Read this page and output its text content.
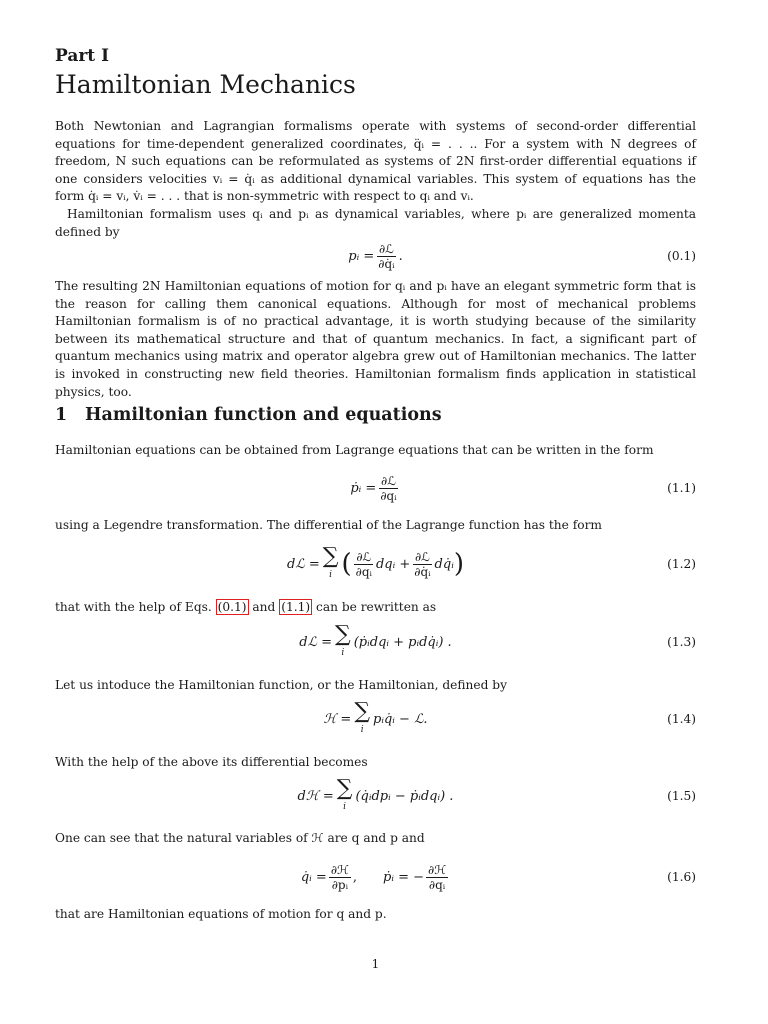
Part I
Hamiltonian Mechanics

Both Newtonian and Lagrangian formalisms operate with systems of second-order differential equations for time-dependent generalized coordinates, q̈ᵢ = . . .. For a system with N degrees of freedom, N such equations can be reformulated as systems of 2N first-order differential equations if one considers velocities vᵢ = q̇ᵢ as additional dynamical variables. This system of equations has the form q̇ᵢ = vᵢ, v̇ᵢ = . . . that is non-symmetric with respect to qᵢ and vᵢ.

Hamiltonian formalism uses qᵢ and pᵢ as dynamical variables, where pᵢ are generalized momenta defined by

pᵢ = $\frac{\text{∂ℒ}}{\text{∂q̇ᵢ}}$ .	(0.1)

The resulting 2N Hamiltonian equations of motion for qᵢ and pᵢ have an elegant symmetric form that is the reason for calling them canonical equations. Although for most of mechanical problems Hamiltonian formalism is of no practical advantage, it is worth studying because of the similarity between its mathematical structure and that of quantum mechanics. In fact, a significant part of quantum mechanics using matrix and operator algebra grew out of Hamiltonian mechanics. The latter is invoked in constructing new field theories. Hamiltonian formalism finds application in statistical physics, too.

1 Hamiltonian function and equations

Hamiltonian equations can be obtained from Lagrange equations that can be written in the form

ṗᵢ = $\frac{\text{∂ℒ}}{\text{∂qᵢ}}$	(1.1)

using a Legendre transformation. The differential of the Lagrange function has the form

dℒ = ∑
i ( $\frac{\text{∂ℒ}}{\text{∂qᵢ}}$ dqᵢ + $\frac{\text{∂ℒ}}{\text{∂q̇ᵢ}}$ dq̇ᵢ )	(1.2)

that with the help of Eqs. (0.1) and (1.1) can be rewritten as

dℒ = ∑
i
(ṗᵢdqᵢ + pᵢdq̇ᵢ) .	(1.3)

Let us intoduce the Hamiltonian function, or the Hamiltonian, defined by

ℋ = ∑
i
pᵢq̇ᵢ − ℒ.	(1.4)

With the help of the above its differential becomes

dℋ = ∑
i
(q̇ᵢdpᵢ − ṗᵢdqᵢ) .	(1.5)

One can see that the natural variables of ℋ are q and p and

q̇ᵢ = $\frac{\text{∂ℋ}}{\text{∂pᵢ}}$ , ṗᵢ = − $\frac{\text{∂ℋ}}{\text{∂qᵢ}}$	(1.6)

that are Hamiltonian equations of motion for q and p.

1
